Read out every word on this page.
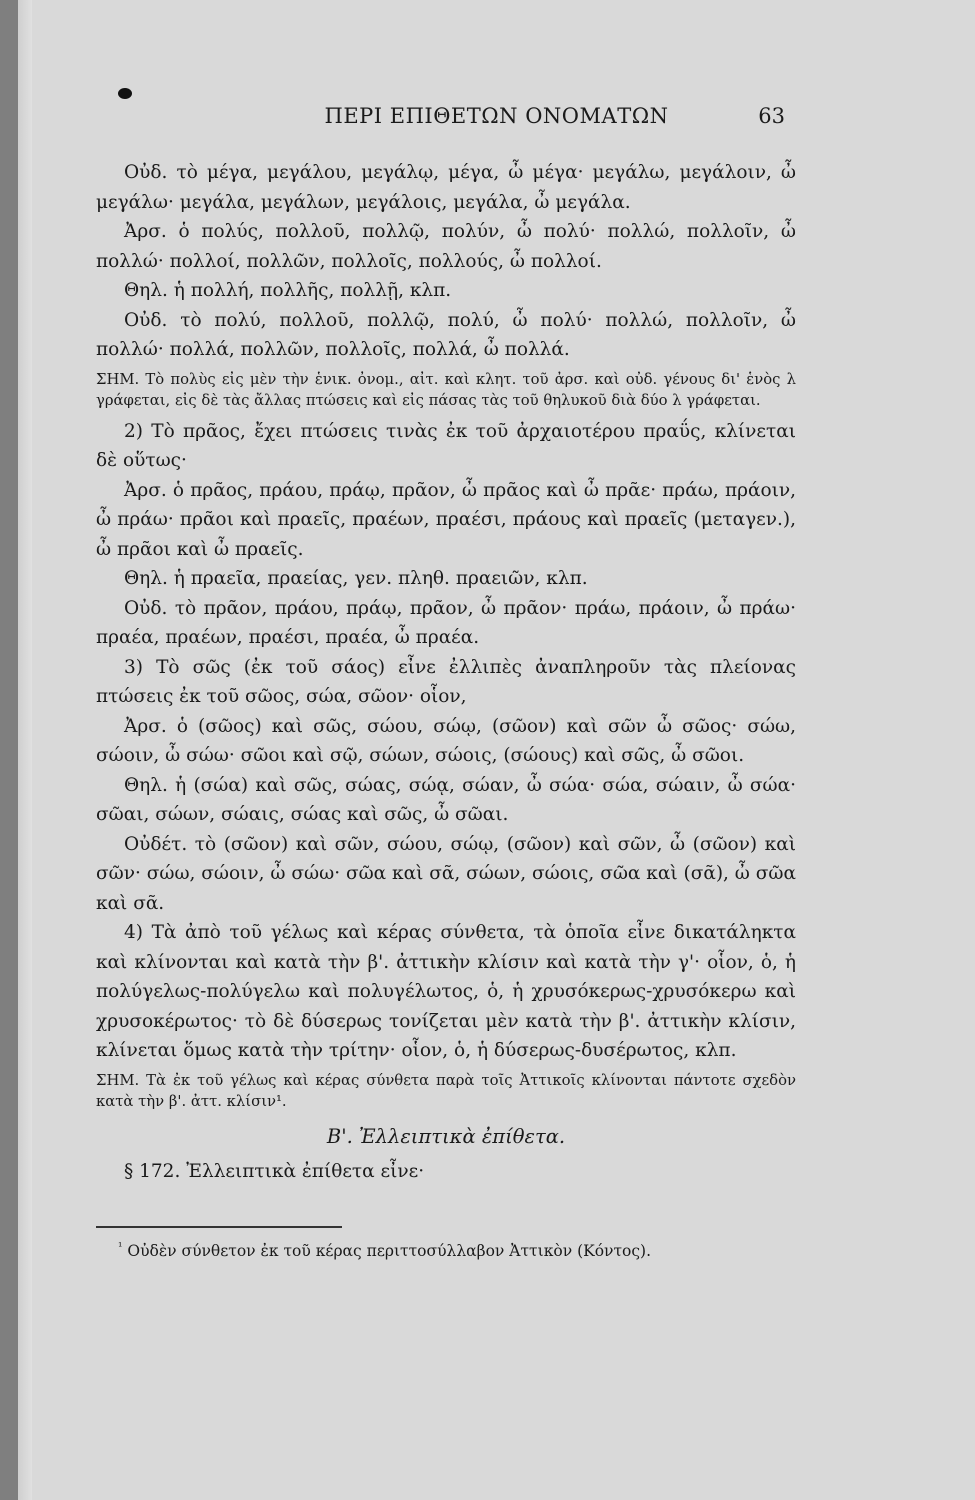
ΠΕΡΙ ΕΠΙΘΕΤΩΝ ΟΝΟΜΑΤΩΝ	63

Οὐδ. τὸ μέγα, μεγάλου, μεγάλῳ, μέγα, ὦ μέγα· μεγάλω, μεγάλοιν, ὦ μεγάλω· μεγάλα, μεγάλων, μεγάλοις, μεγάλα, ὦ μεγάλα.

Ἀρσ. ὁ πολύς, πολλοῦ, πολλῷ, πολύν, ὦ πολύ· πολλώ, πολλοῖν, ὦ πολλώ· πολλοί, πολλῶν, πολλοῖς, πολλούς, ὦ πολλοί.

Θηλ. ἡ πολλή, πολλῆς, πολλῇ, κλπ.

Οὐδ. τὸ πολύ, πολλοῦ, πολλῷ, πολύ, ὦ πολύ· πολλώ, πολλοῖν, ὦ πολλώ· πολλά, πολλῶν, πολλοῖς, πολλά, ὦ πολλά.

ΣΗΜ. Τὸ πολὺς εἰς μὲν τὴν ἑνικ. ὀνομ., αἰτ. καὶ κλητ. τοῦ ἀρσ. καὶ οὐδ. γένους δι' ἑνὸς λ γράφεται, εἰς δὲ τὰς ἄλλας πτώσεις καὶ εἰς πάσας τὰς τοῦ θηλυκοῦ διὰ δύο λ γράφεται.

2) Τὸ πρᾶος, ἔχει πτώσεις τινὰς ἐκ τοῦ ἀρχαιοτέρου πραΰς, κλίνεται δὲ οὕτως·

Ἀρσ. ὁ πρᾶος, πράου, πράῳ, πρᾶον, ὦ πρᾶος καὶ ὦ πρᾶε· πράω, πράοιν, ὦ πράω· πρᾶοι καὶ πραεῖς, πραέων, πραέσι, πράους καὶ πραεῖς (μεταγεν.), ὦ πρᾶοι καὶ ὦ πραεῖς.

Θηλ. ἡ πραεῖα, πραείας, γεν. πληθ. πραειῶν, κλπ.

Οὐδ. τὸ πρᾶον, πράου, πράῳ, πρᾶον, ὦ πρᾶον· πράω, πράοιν, ὦ πράω· πραέα, πραέων, πραέσι, πραέα, ὦ πραέα.

3) Τὸ σῶς (ἐκ τοῦ σάος) εἶνε ἐλλιπὲς ἀναπληροῦν τὰς πλείονας πτώσεις ἐκ τοῦ σῶος, σώα, σῶον· οἷον,

Ἀρσ. ὁ (σῶος) καὶ σῶς, σώου, σώῳ, (σῶον) καὶ σῶν ὦ σῶος· σώω, σώοιν, ὦ σώω· σῶοι καὶ σῷ, σώων, σώοις, (σώους) καὶ σῶς, ὦ σῶοι.

Θηλ. ἡ (σώα) καὶ σῶς, σώας, σώᾳ, σώαν, ὦ σώα· σώα, σώαιν, ὦ σώα· σῶαι, σώων, σώαις, σώας καὶ σῶς, ὦ σῶαι.

Οὐδέτ. τὸ (σῶον) καὶ σῶν, σώου, σώῳ, (σῶον) καὶ σῶν, ὦ (σῶον) καὶ σῶν· σώω, σώοιν, ὦ σώω· σῶα καὶ σᾶ, σώων, σώοις, σῶα καὶ (σᾶ), ὦ σῶα καὶ σᾶ.

4) Τὰ ἀπὸ τοῦ γέλως καὶ κέρας σύνθετα, τὰ ὁποῖα εἶνε δικατάληκτα καὶ κλίνονται καὶ κατὰ τὴν β'. ἀττικὴν κλίσιν καὶ κατὰ τὴν γ'· οἷον, ὁ, ἡ πολύγελως-πολύγελω καὶ πολυγέλωτος, ὁ, ἡ χρυσόκερως-χρυσόκερω καὶ χρυσοκέρωτος· τὸ δὲ δύσερως τονίζεται μὲν κατὰ τὴν β'. ἀττικὴν κλίσιν, κλίνεται ὅμως κατὰ τὴν τρίτην· οἷον, ὁ, ἡ δύσερως-δυσέρωτος, κλπ.

ΣΗΜ. Τὰ ἐκ τοῦ γέλως καὶ κέρας σύνθετα παρὰ τοῖς Ἀττικοῖς κλίνονται πάντοτε σχεδὸν κατὰ τὴν β'. ἀττ. κλίσιν¹.

Β'. Ἐλλειπτικὰ ἐπίθετα.

§ 172. Ἐλλειπτικὰ ἐπίθετα εἶνε·

$^{^1}$ Οὐδὲν σύνθετον ἐκ τοῦ κέρας περιττοσύλλαβον Ἀττικὸν (Κόντος).
